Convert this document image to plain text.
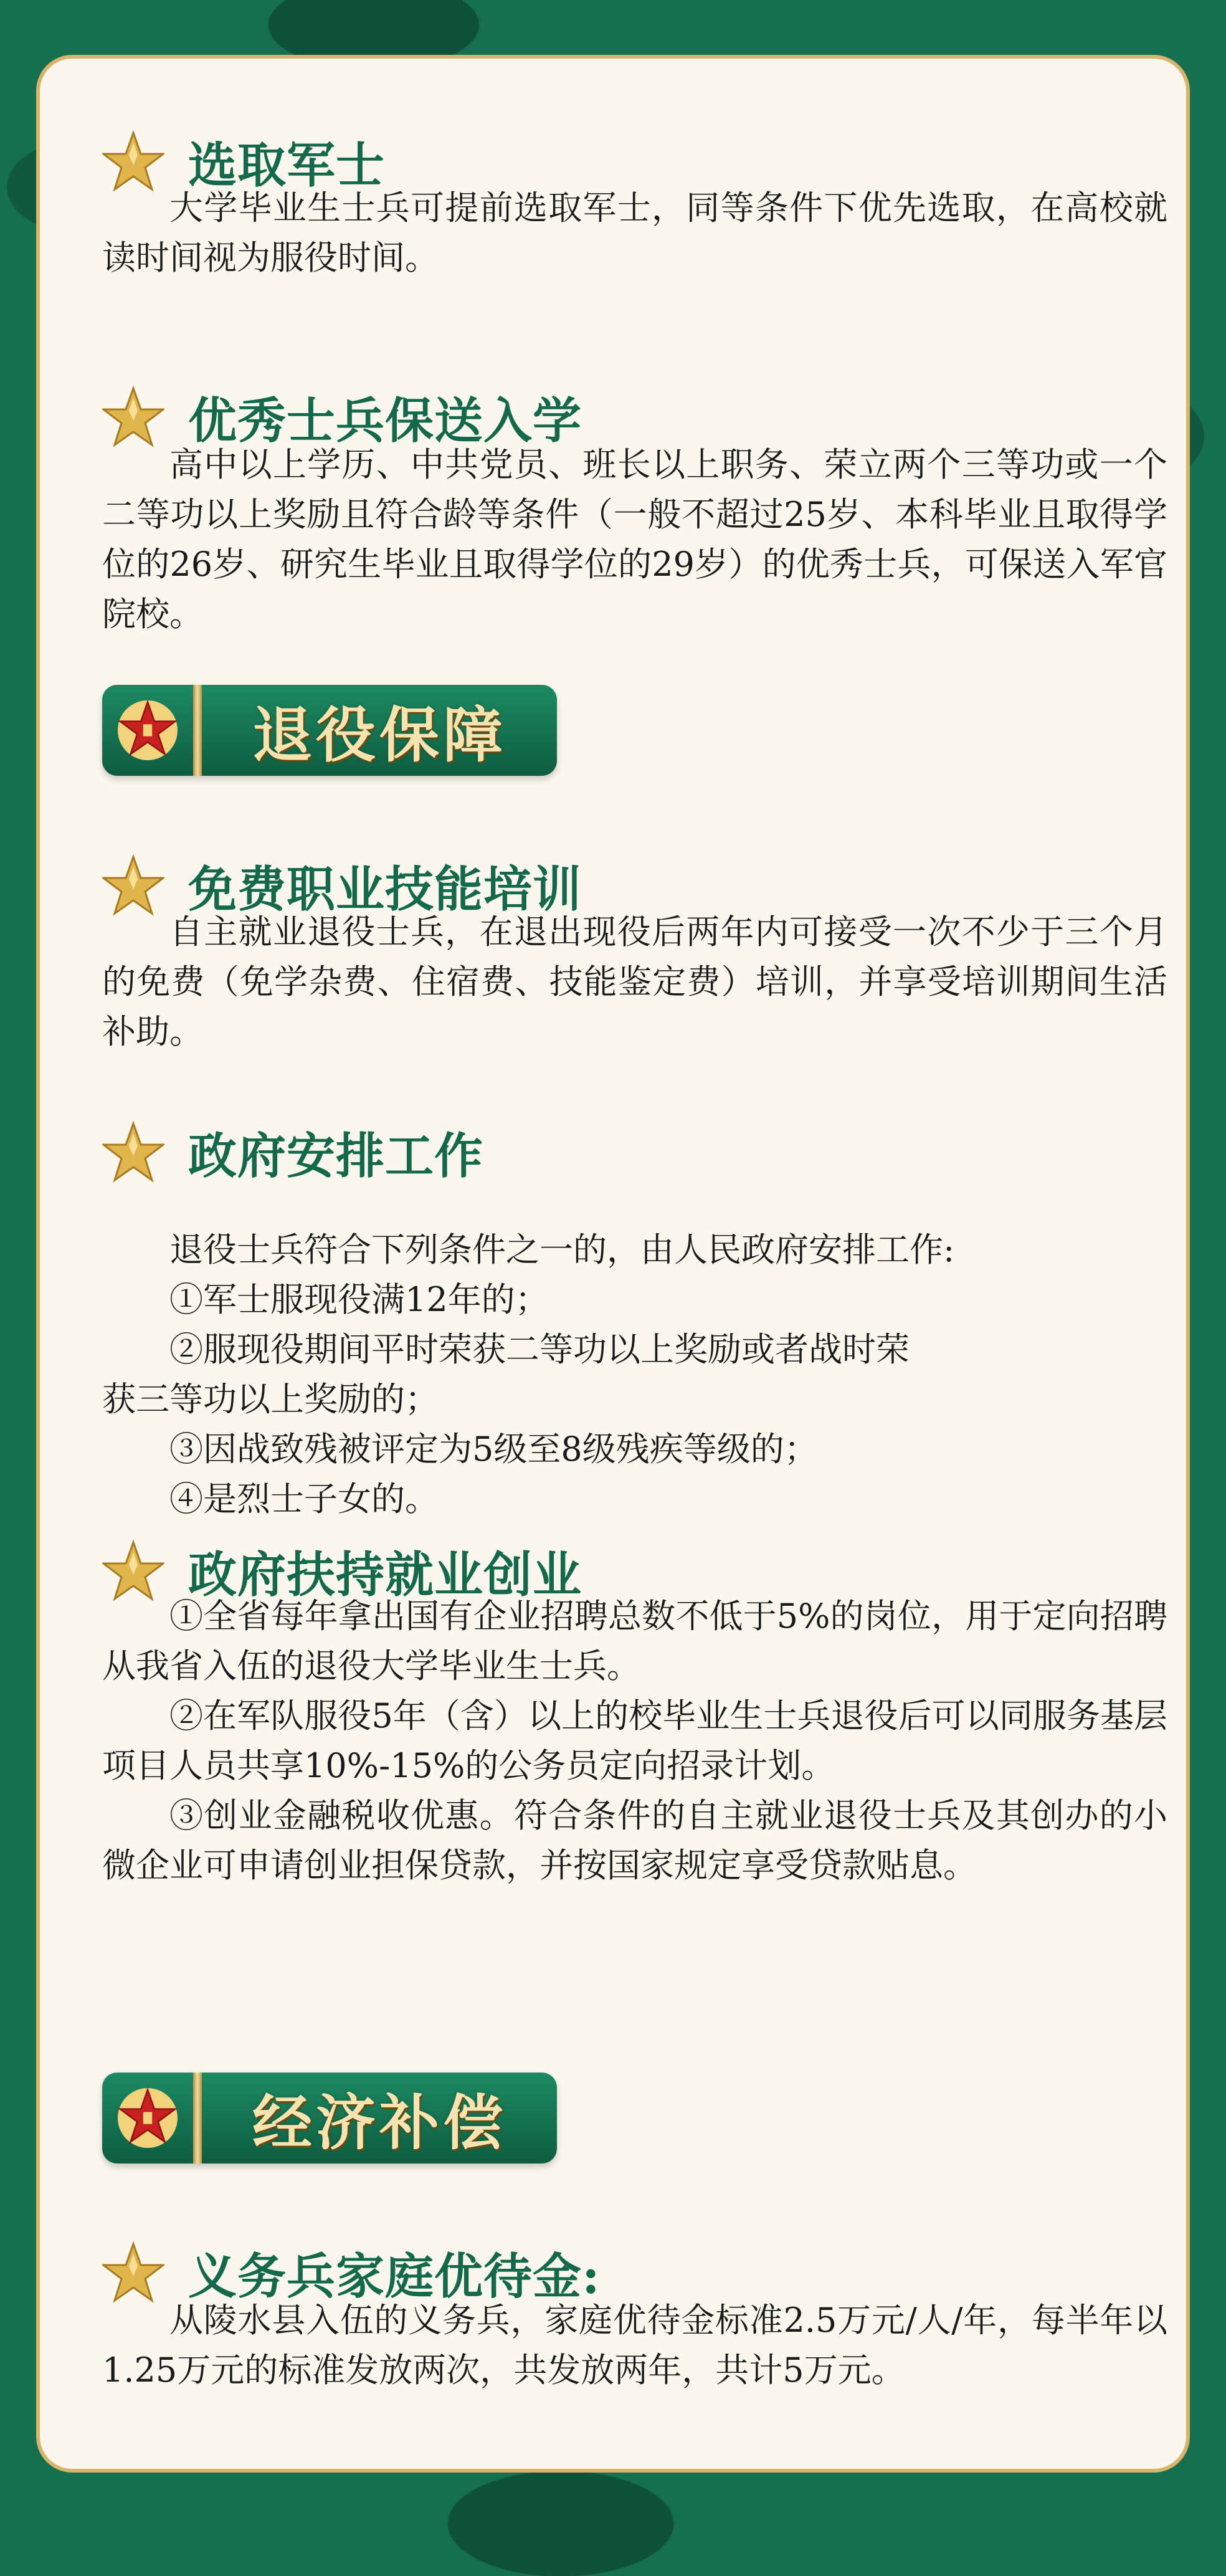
选取军士

大学毕业生士兵可提前选取军士，同等条件下优先选取，在高校就读时间视为服役时间。

优秀士兵保送入学

高中以上学历、中共党员、班长以上职务、荣立两个三等功或一个二等功以上奖励且符合龄等条件（一般不超过25岁、本科毕业且取得学位的26岁、研究生毕业且取得学位的29岁）的优秀士兵，可保送入军官院校。

退役保障
免费职业技能培训

自主就业退役士兵，在退出现役后两年内可接受一次不少于三个月的免费（免学杂费、住宿费、技能鉴定费）培训，并享受培训期间生活补助。

政府安排工作
退役士兵符合下列条件之一的，由人民政府安排工作:
①军士服现役满12年的；
②服现役期间平时荣获二等功以上奖励或者战时荣
获三等功以上奖励的；
③因战致残被评定为5级至8级残疾等级的；
④是烈士子女的。
政府扶持就业创业

①全省每年拿出国有企业招聘总数不低于5%的岗位，用于定向招聘从我省入伍的退役大学毕业生士兵。

②在军队服役5年（含）以上的校毕业生士兵退役后可以同服务基层项目人员共享10%-15%的公务员定向招录计划。

③创业金融税收优惠。符合条件的自主就业退役士兵及其创办的小微企业可申请创业担保贷款，并按国家规定享受贷款贴息。

经济补偿
义务兵家庭优待金:

从陵水县入伍的义务兵，家庭优待金标准2.5万元/人/年，每半年以1.25万元的标准发放两次，共发放两年，共计5万元。
